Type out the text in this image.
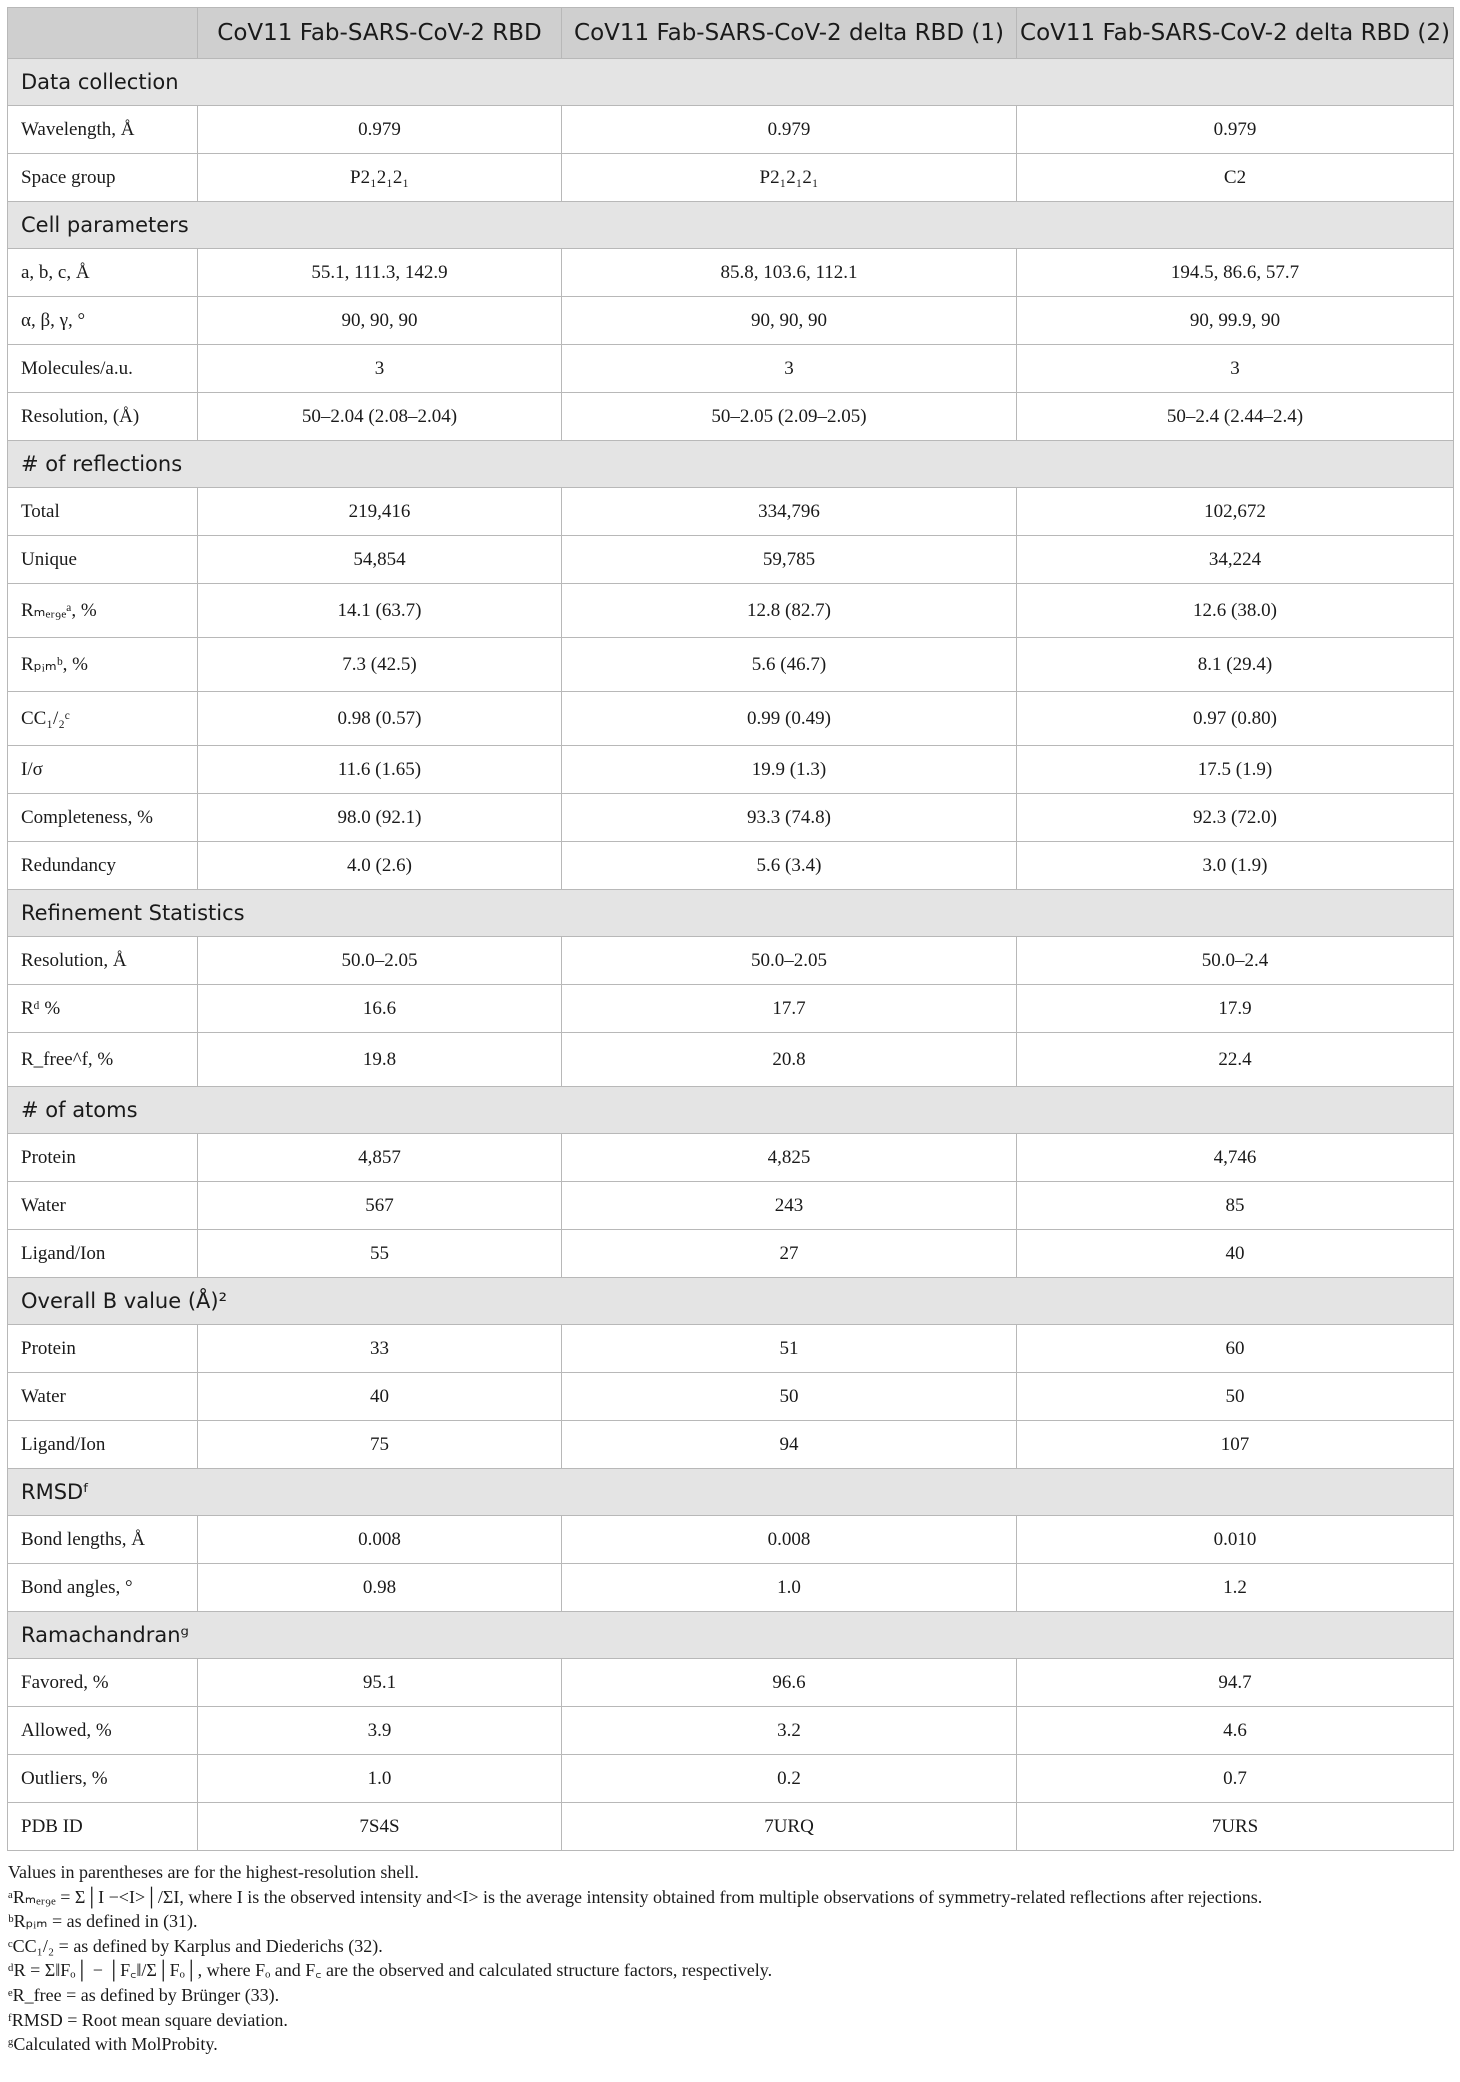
	CoV11 Fab-SARS-CoV-2 RBD	CoV11 Fab-SARS-CoV-2 delta RBD (1)	CoV11 Fab-SARS-CoV-2 delta RBD (2)
Data collection			
Wavelength, Å	0.979	0.979	0.979
Space group	P2₁2₁2₁	P2₁2₁2₁	C2
Cell parameters			
a, b, c, Å	55.1, 111.3, 142.9	85.8, 103.6, 112.1	194.5, 86.6, 57.7
α, β, γ, °	90, 90, 90	90, 90, 90	90, 99.9, 90
Molecules/a.u.	3	3	3
Resolution, (Å)	50–2.04 (2.08–2.04)	50–2.05 (2.09–2.05)	50–2.4 (2.44–2.4)
# of reflections			
Total	219,416	334,796	102,672
Unique	54,854	59,785	34,224
Rₘₑᵣ₉ₑᵃ, %	14.1 (63.7)	12.8 (82.7)	12.6 (38.0)
Rₚᵢₘᵇ, %	7.3 (42.5)	5.6 (46.7)	8.1 (29.4)
CC₁/₂ᶜ	0.98 (0.57)	0.99 (0.49)	0.97 (0.80)
I/σ	11.6 (1.65)	19.9 (1.3)	17.5 (1.9)
Completeness, %	98.0 (92.1)	93.3 (74.8)	92.3 (72.0)
Redundancy	4.0 (2.6)	5.6 (3.4)	3.0 (1.9)
Refinement Statistics			
Resolution, Å	50.0–2.05	50.0–2.05	50.0–2.4
Rᵈ %	16.6	17.7	17.9
R_free^f, %	19.8	20.8	22.4
# of atoms			
Protein	4,857	4,825	4,746
Water	567	243	85
Ligand/Ion	55	27	40
Overall B value (Å)²			
Protein	33	51	60
Water	40	50	50
Ligand/Ion	75	94	107
RMSDᶠ			
Bond lengths, Å	0.008	0.008	0.010
Bond angles, °	0.98	1.0	1.2
Ramachandranᵍ			
Favored, %	95.1	96.6	94.7
Allowed, %	3.9	3.2	4.6
Outliers, %	1.0	0.2	0.7
PDB ID	7S4S	7URQ	7URS
Values in parentheses are for the highest-resolution shell.
ᵃRₘₑᵣ₉ₑ = Σ│I −<I>│/ΣI, where I is the observed intensity and<I> is the average intensity obtained from multiple observations of symmetry-related reflections after rejections.
ᵇRₚᵢₘ = as defined in (31).
ᶜCC₁/₂ = as defined by Karplus and Diederichs (32).
ᵈR = Σ‖Fₒ│ − │F꜀‖/Σ│Fₒ│, where Fₒ and F꜀ are the observed and calculated structure factors, respectively.
ᵉR_free = as defined by Brünger (33).
ᶠRMSD = Root mean square deviation.
ᵍCalculated with MolProbity.
